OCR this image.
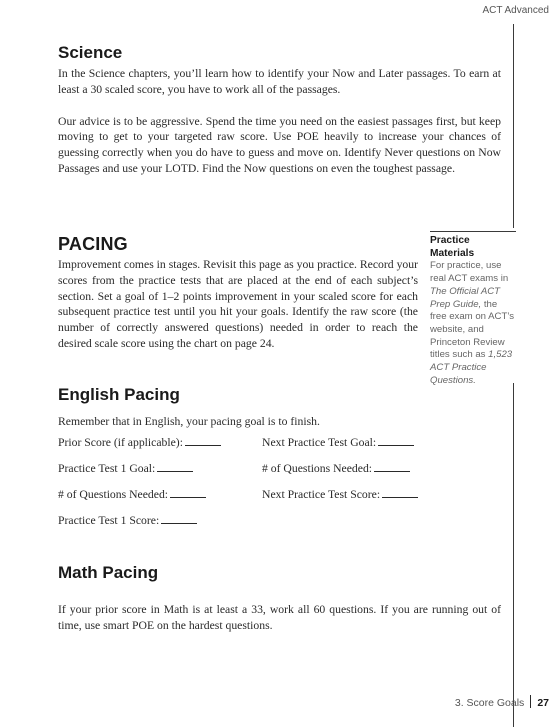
ACT Advanced
Science

In the Science chapters, you’ll learn how to identify your Now and Later passages. To earn at least a 30 scaled score, you have to work all of the passages.

Our advice is to be aggressive. Spend the time you need on the easiest passages first, but keep moving to get to your targeted raw score. Use POE heavily to increase your chances of guessing correctly when you do have to guess and move on. Identify Never questions on Now Passages and use your LOTD. Find the Now questions on even the toughest passage.

PACING

Improvement comes in stages. Revisit this page as you practice. Record your scores from the practice tests that are placed at the end of each subject’s section. Set a goal of 1–2 points improvement in your scaled score for each subsequent practice test until you hit your goals. Identify the raw score (the number of correctly answered questions) needed in order to reach the desired scale score using the chart on page 24.

Practice Materials
For practice, use real ACT exams in The Official ACT Prep Guide, the free exam on ACT’s website, and Princeton Review titles such as 1,523 ACT Practice Questions.
English Pacing

Remember that in English, your pacing goal is to finish.

Prior Score (if applicable):	Next Practice Test Goal:
Practice Test 1 Goal:	# of Questions Needed:
# of Questions Needed:	Next Practice Test Score:
Practice Test 1 Score:
Math Pacing

If your prior score in Math is at least a 33, work all 60 questions. If you are running out of time, use smart POE on the hardest questions.

3. Score Goals 27
